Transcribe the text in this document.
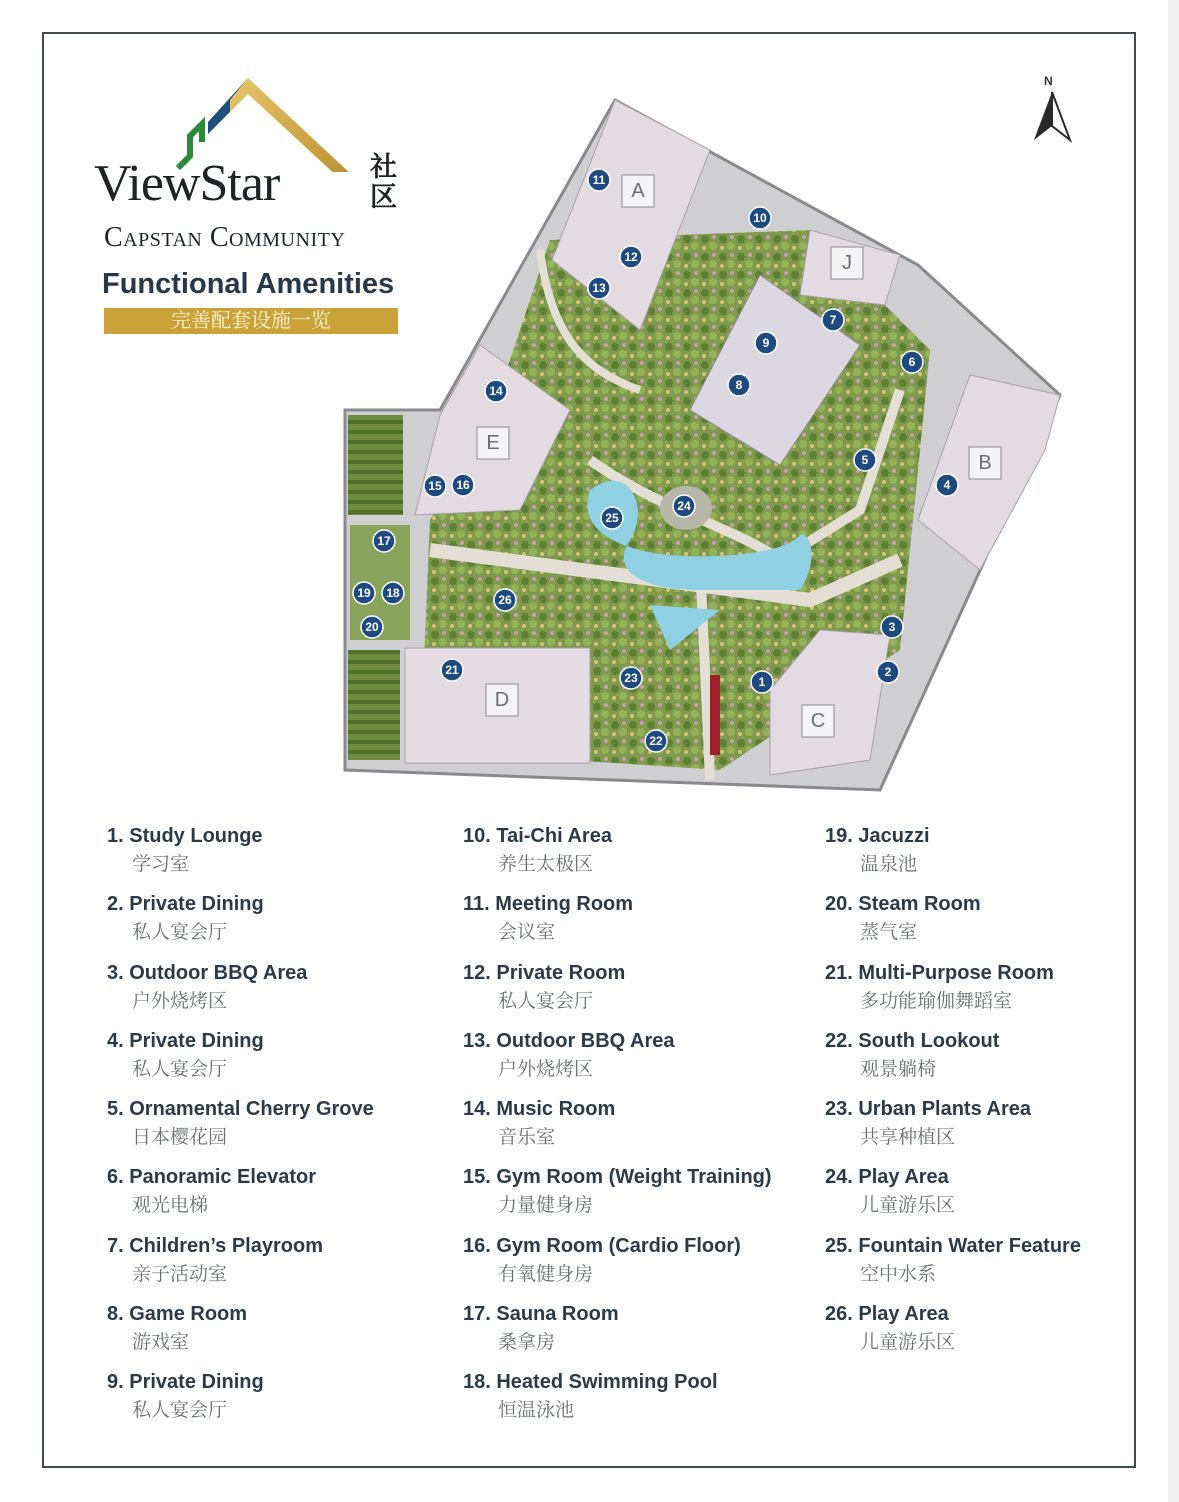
ViewStar	社区
Capstan Community
Functional Amenities
完善配套设施一览
N
A
B
C
D
E
J
1
2
3
4
5
6
7
8
9
10
11
12
13
14
15 16
17
18
19
20
21
22
23
24
25
26
1. Study Lounge
学习室
2. Private Dining
私人宴会厅
3. Outdoor BBQ Area
户外烧烤区
4. Private Dining
私人宴会厅
5. Ornamental Cherry Grove
日本樱花园
6. Panoramic Elevator
观光电梯
7. Children’s Playroom
亲子活动室
8. Game Room
游戏室
9. Private Dining
私人宴会厅
10. Tai-Chi Area
养生太极区
11. Meeting Room
会议室
12. Private Room
私人宴会厅
13. Outdoor BBQ Area
户外烧烤区
14. Music Room
音乐室
15. Gym Room (Weight Training)
力量健身房
16. Gym Room (Cardio Floor)
有氧健身房
17. Sauna Room
桑拿房
18. Heated Swimming Pool
恒温泳池
19. Jacuzzi
温泉池
20. Steam Room
蒸气室
21. Multi-Purpose Room
多功能瑜伽舞蹈室
22. South Lookout
观景躺椅
23. Urban Plants Area
共享种植区
24. Play Area
儿童游乐区
25. Fountain Water Feature
空中水系
26. Play Area
儿童游乐区
